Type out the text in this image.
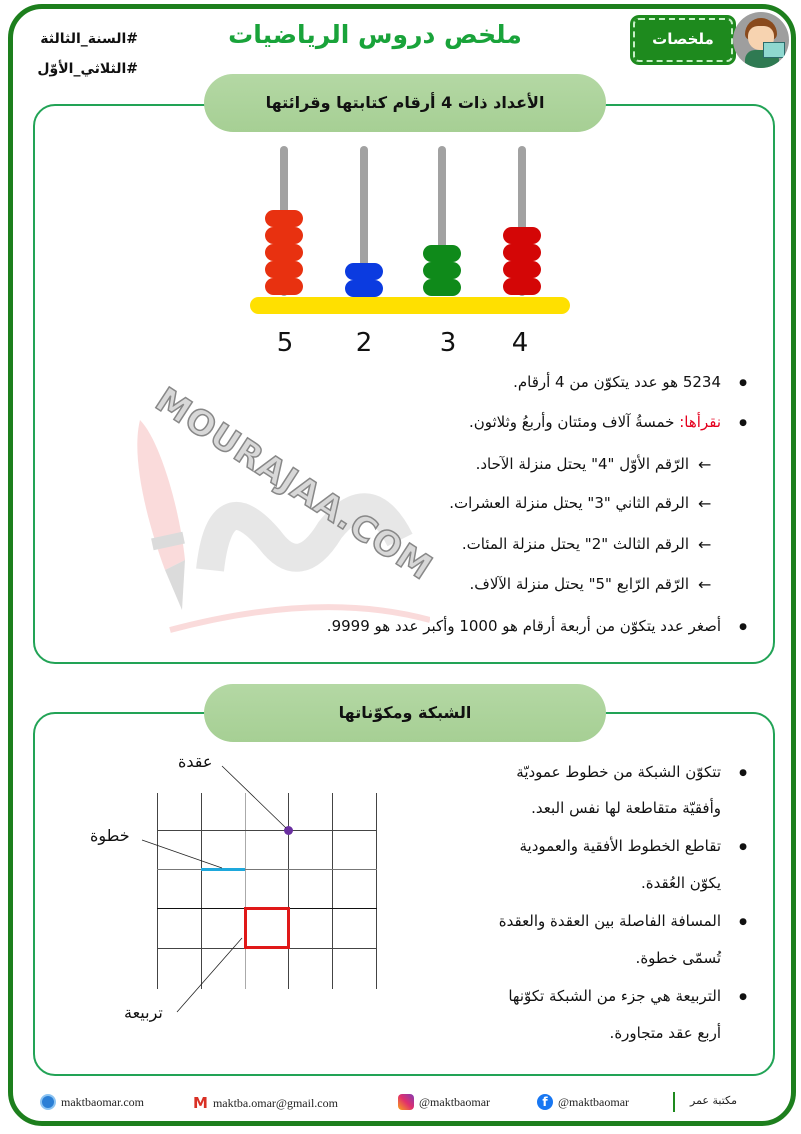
#السنة_الثالثة
#الثلاثي_الأوّل
ملخص دروس الرياضيات	ملخصات
الأعداد ذات 4 أرقام كتابتها وقرائتها
5 2	3 4
MOURAJAA.COM	● 5234 هو عدد يتكوّن من 4 أرقام.
● نقرأها: خمسةُ آلاف ومئتان وأربعُ وثلاثون.
←
الرّقم الأوّل "4" يحتل منزلة الآحاد.
←
الرقم الثاني "3" يحتل منزلة العشرات.
←
الرقم الثالث "2" يحتل منزلة المئات.
←
الرّقم الرّابع "5" يحتل منزلة الآلاف.
● أصغر عدد يتكوّن من أربعة أرقام هو 1000 وأكبر عدد هو 9999.
الشبكة ومكوّناتها
عقدة
خطوة
تربيعة
● تتكوّن الشبكة من خطوط عموديّة
وأفقيّة متقاطعة لها نفس البعد.
● تقاطع الخطوط الأفقية والعمودية
يكوّن العُقدة.
● المسافة الفاصلة بين العقدة والعقدة
تُسمّى خطوة.
● التربيعة هي جزء من الشبكة تكوّنها
أربع عقد متجاورة.
maktbaomar.com	M maktba.omar@gmail.com	@maktbaomar	f @maktbaomar	مكتبة عمر
